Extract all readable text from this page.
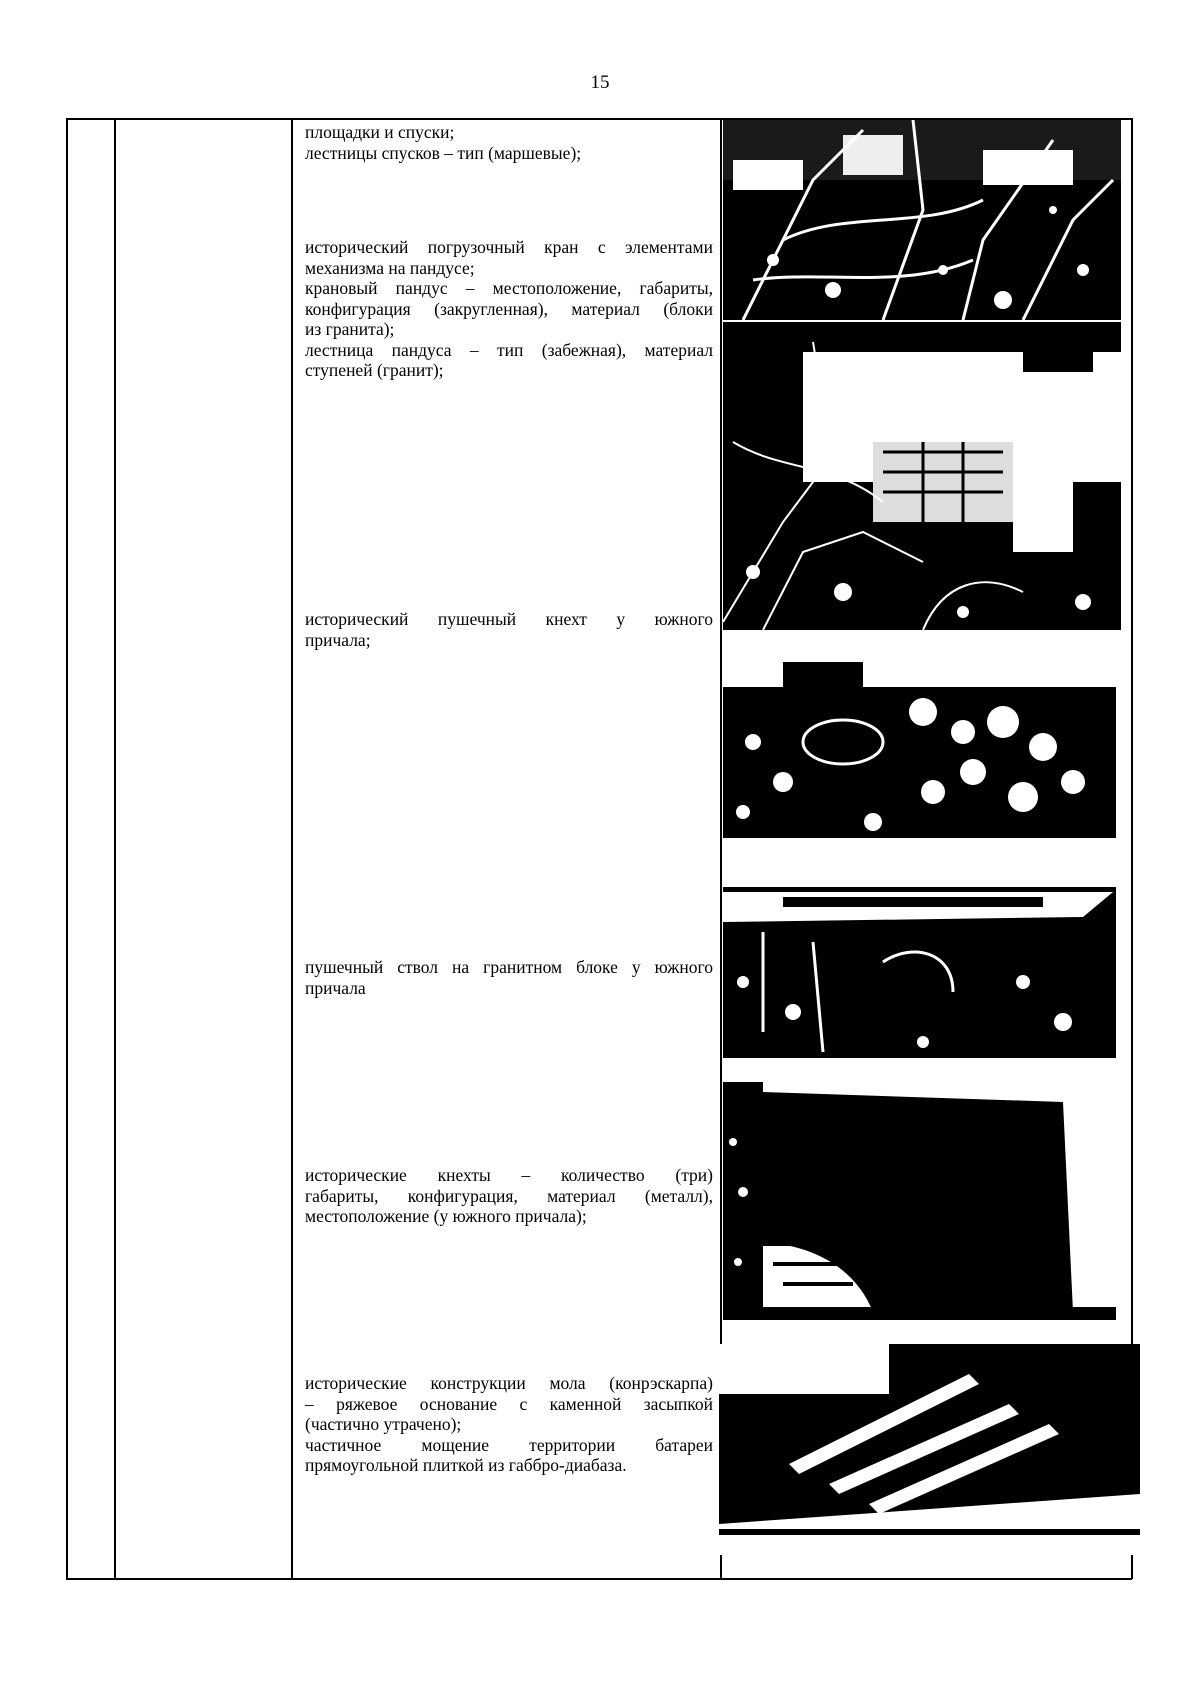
15
площадки и спуски;
лестницы спусков – тип (маршевые);
исторический погрузочный кран с элементами
механизма на пандусе;
крановый пандус – местоположение, габариты,
конфигурация (закругленная), материал (блоки
из гранита);
лестница пандуса – тип (забежная), материал
ступеней (гранит);
исторический пушечный кнехт у южного
причала;
пушечный ствол на гранитном блоке у южного
причала
исторические кнехты – количество (три)
габариты, конфигурация, материал (металл),
местоположение (у южного причала);
исторические конструкции мола (конрэскарпа)
– ряжевое основание с каменной засыпкой
(частично утрачено);
частичное мощение территории батареи
прямоугольной плиткой из габбро-диабаза.
